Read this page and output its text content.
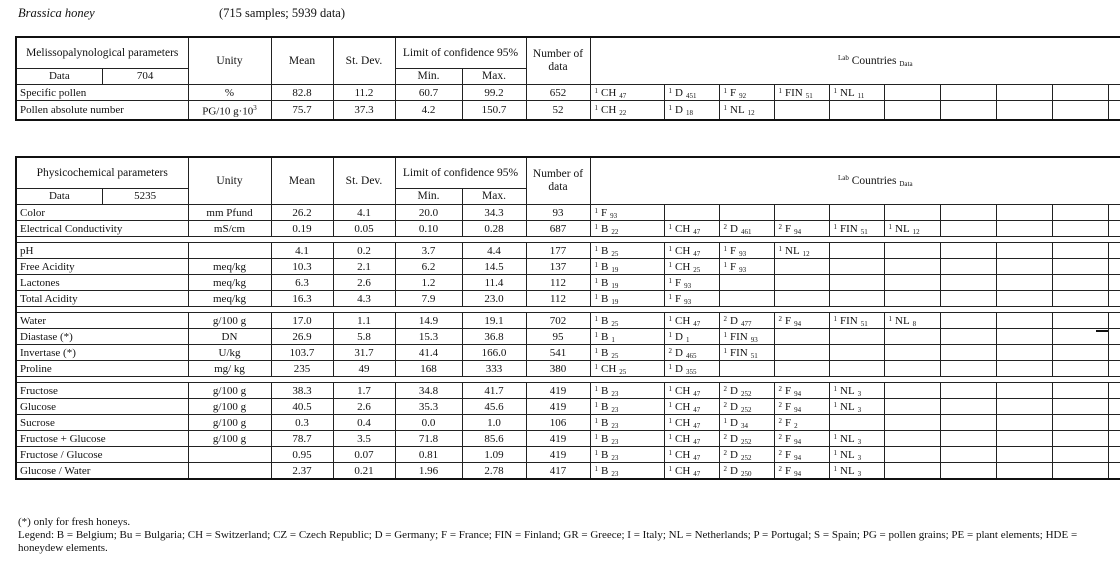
Brassica honey	(715 samples; 5939 data)
Melissopalynological parameters	Unity	Mean	St. Dev.	Limit of confidence 95%		Number of data	$^{Lab}$ Countries $_{Data}$

Data 704				Min.	Max.											
Specific pollen	%	82.8	11.2	60.7	99.2	652	$^1$ CH $_{47}$	$^1$ D $_{451}$	$^1$ F $_{92}$	$^1$ FIN $_{51}$	$^1$ NL $_{11}$					
Pollen absolute number	PG/10 $g\cdot 10^3$	75.7	37.3	4.2	150.7	52	$^1$ CH $_{22}$	$^1$ D $_{18}$	$^1$ NL $_{12}$							
Physicochemical parameters	Unity	Mean	St. Dev.	Limit of confidence 95%		Number of data	$^{Lab}$ Countries $_{Data}$

Data 5235				Min.	Max.											
Color	mm Pfund	26.2	4.1	20.0	34.3	93	$^1$ F $_{93}$									
Electrical Conductivity	mS/cm	0.19	0.05	0.10	0.28	687	$^1$ B $_{22}$	$^1$ CH $_{47}$	$^2$ D $_{461}$	$^2$ F $_{94}$	$^1$ FIN $_{51}$	$^1$ NL $_{12}$				

pH		4.1	0.2	3.7	4.4	177	$^1$ B $_{25}$	$^1$ CH $_{47}$	$^1$ F $_{93}$	$^1$ NL $_{12}$						
Free Acidity	meq/kg	10.3	2.1	6.2	14.5	137	$^1$ B $_{19}$	$^1$ CH $_{25}$	$^1$ F $_{93}$							
Lactones	meq/kg	6.3	2.6	1.2	11.4	112	$^1$ B $_{19}$	$^1$ F $_{93}$								
Total Acidity	meq/kg	16.3	4.3	7.9	23.0	112	$^1$ B $_{19}$	$^1$ F $_{93}$								

Water	g/100 g	17.0	1.1	14.9	19.1	702	$^1$ B $_{25}$	$^1$ CH $_{47}$	$^2$ D $_{477}$	$^2$ F $_{94}$	$^1$ FIN $_{51}$	$^1$ NL $_8$				
Diastase (*)	DN	26.9	5.8	15.3	36.8	95	$^1$ B $_1$	$^1$ D $_1$	$^1$ FIN $_{93}$							
Invertase (*)	U/kg	103.7	31.7	41.4	166.0	541	$^1$ B $_{25}$	$^2$ D $_{465}$	$^1$ FIN $_{51}$							
Proline	mg/ kg	235	49	168	333	380	$^1$ CH $_{25}$	$^1$ D $_{355}$								

Fructose	g/100 g	38.3	1.7	34.8	41.7	419	$^1$ B $_{23}$	$^1$ CH $_{47}$	$^2$ D $_{252}$	$^2$ F $_{94}$	$^1$ NL $_3$					
Glucose	g/100 g	40.5	2.6	35.3	45.6	419	$^1$ B $_{23}$	$^1$ CH $_{47}$	$^2$ D $_{252}$	$^2$ F $_{94}$	$^1$ NL $_3$					
Sucrose	g/100 g	0.3	0.4	0.0	1.0	106	$^1$ B $_{23}$	$^1$ CH $_{47}$	$^1$ D $_{34}$	$^2$ F $_2$						
Fructose + Glucose	g/100 g	78.7	3.5	71.8	85.6	419	$^1$ B $_{23}$	$^1$ CH $_{47}$	$^2$ D $_{252}$	$^2$ F $_{94}$	$^1$ NL $_3$					
Fructose / Glucose		0.95	0.07	0.81	1.09	419	$^1$ B $_{23}$	$^1$ CH $_{47}$	$^2$ D $_{252}$	$^2$ F $_{94}$	$^1$ NL $_3$					
Glucose / Water		2.37	0.21	1.96	2.78	417	$^1$ B $_{23}$	$^1$ CH $_{47}$	$^2$ D $_{250}$	$^2$ F $_{94}$	$^1$ NL $_3$					
(*) only for fresh honeys.
Legend: B = Belgium; Bu = Bulgaria; CH = Switzerland; CZ = Czech Republic; D = Germany; F = France; FIN = Finland; GR = Greece; I = Italy; NL = Netherlands; P = Portugal; S = Spain; PG = pollen grains; PE = plant elements; HDE = honeydew elements.
